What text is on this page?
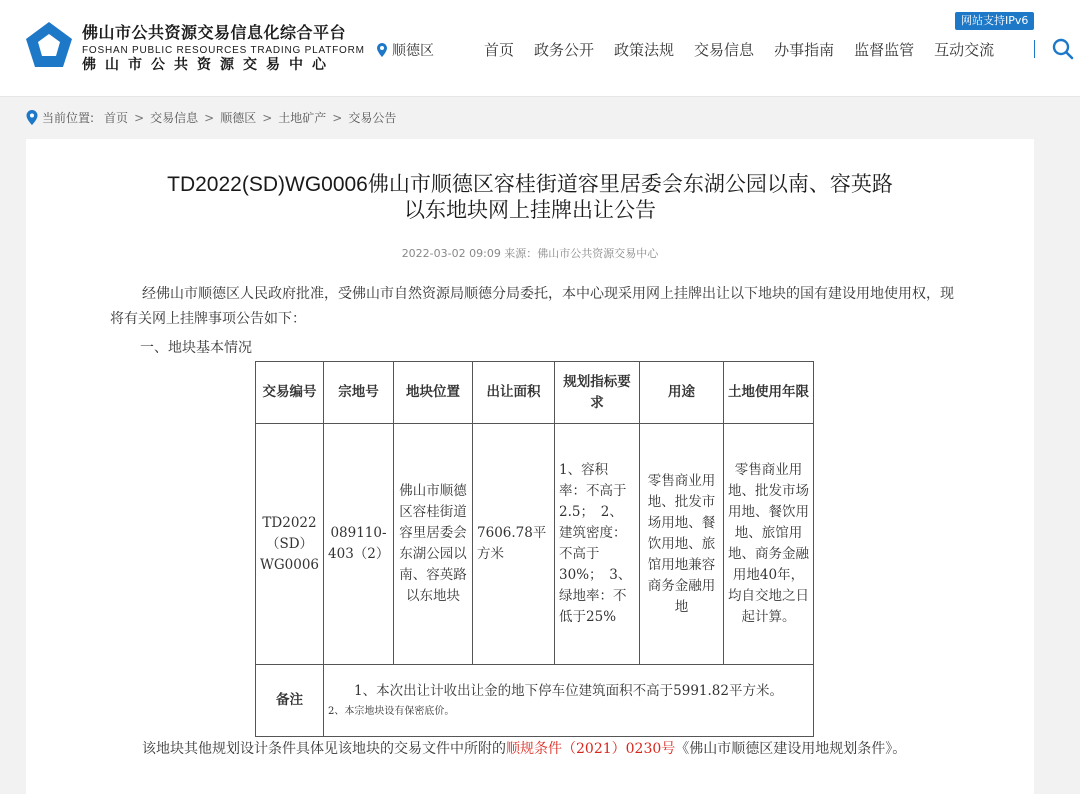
佛山市公共资源交易信息化综合平台
FOSHAN PUBLIC RESOURCES TRADING PLATFORM
佛山市公共资源交易中心
顺德区
网站支持IPv6
首页	政务公开	政策法规	交易信息	办事指南	监督监管	互动交流
当前位置: 首页 > 交易信息 > 顺德区 > 土地矿产 > 交易公告
TD2022(SD)WG0006佛山市顺德区容桂街道容里居委会东湖公园以南、容英路
以东地块网上挂牌出让公告
2022-03-02 09:09 来源：佛山市公共资源交易中心
经佛山市顺德区人民政府批准，受佛山市自然资源局顺德分局委托，本中心现采用网上挂牌出让以下地块的国有建设用地使用权，现将有关网上挂牌事项公告如下：
一、地块基本情况
交易编号	宗地号	地块位置	出让面积	规划指标要求	用途	土地使用年限
TD2022（SD）WG0006	089110-403（2）	佛山市顺德区容桂街道容里居委会东湖公园以南、容英路以东地块	7606.78平方米	1、容积率：不高于2.5；　2、建筑密度：不高于30%；　3、绿地率：不低于25%	零售商业用地、批发市场用地、餐饮用地、旅馆用地兼容商务金融用地	零售商业用地、批发市场用地、餐饮用地、旅馆用地、商务金融用地40年，均自交地之日起计算。
备注	1、本次出让计收出让金的地下停车位建筑面积不高于5991.82平方米。
2、本宗地块设有保密底价。					
该地块其他规划设计条件具体见该地块的交易文件中所附的顺规条件（2021）0230号《佛山市顺德区建设用地规划条件》。
